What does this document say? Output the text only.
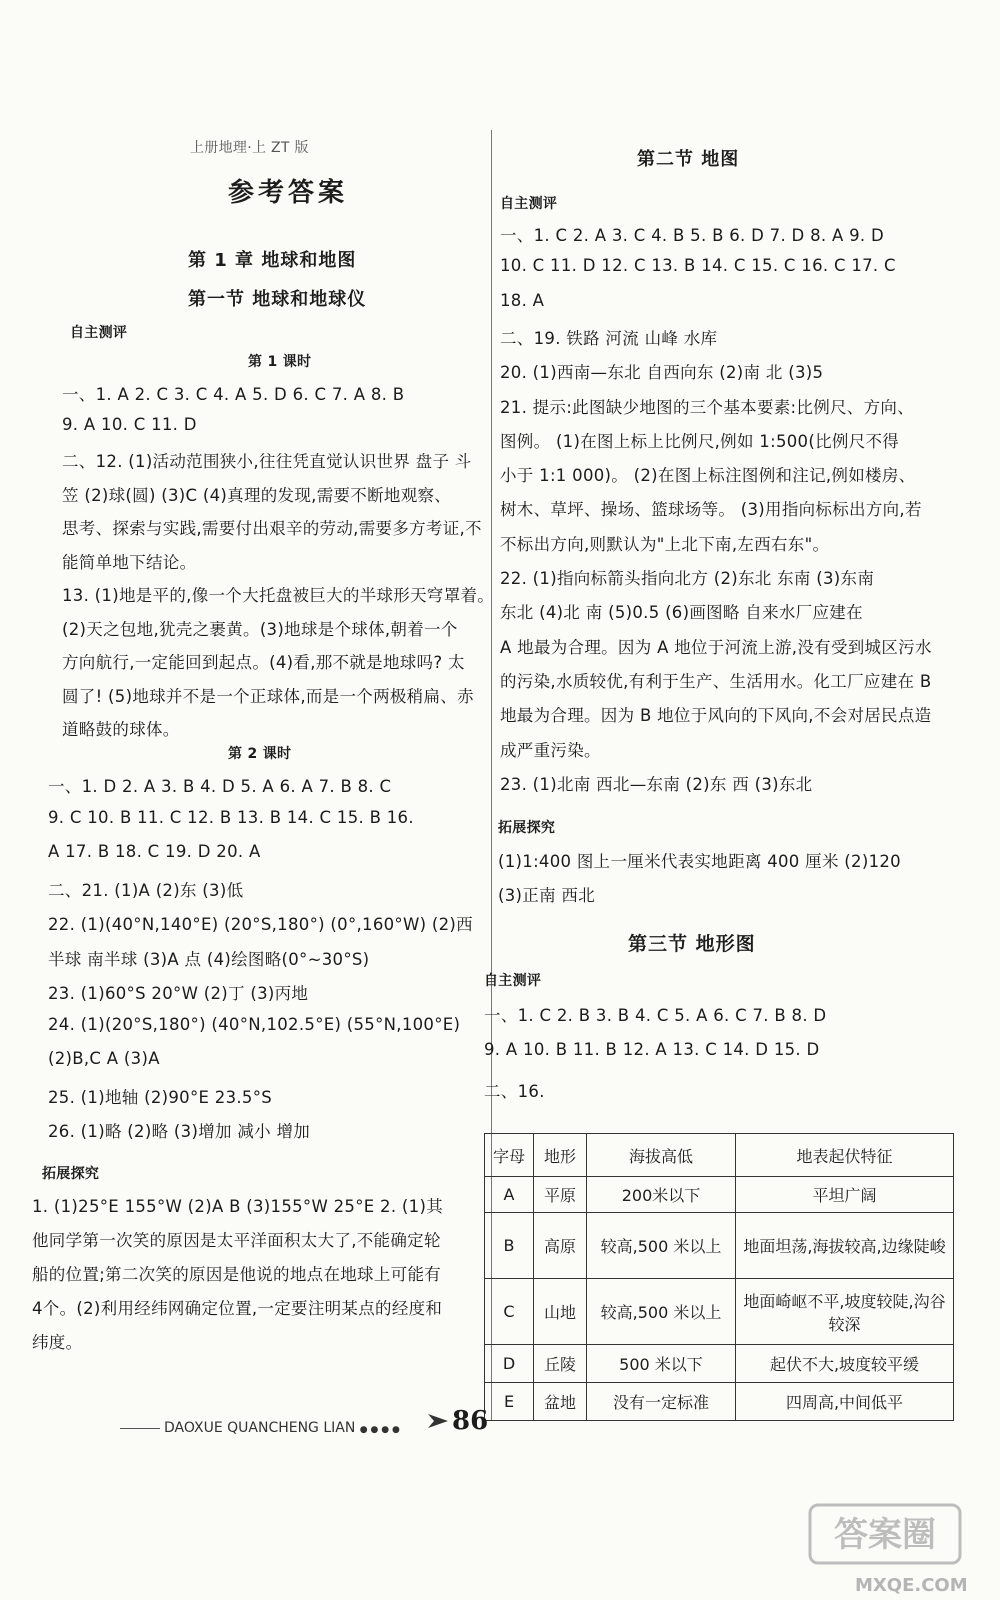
上册地理·上 ZT 版
参考答案
第 1 章 地球和地图
第一节 地球和地球仪
自主测评
第 1 课时
一、1. A 2. C 3. C 4. A 5. D 6. C 7. A 8. B
9. A 10. C 11. D
二、12. (1)活动范围狭小,往往凭直觉认识世界 盘子 斗
笠 (2)球(圆) (3)C (4)真理的发现,需要不断地观察、
思考、探索与实践,需要付出艰辛的劳动,需要多方考证,不
能简单地下结论。
13. (1)地是平的,像一个大托盘被巨大的半球形天穹罩着。
(2)天之包地,犹壳之裹黄。(3)地球是个球体,朝着一个
方向航行,一定能回到起点。(4)看,那不就是地球吗? 太
圆了! (5)地球并不是一个正球体,而是一个两极稍扁、赤
道略鼓的球体。
第 2 课时
一、1. D 2. A 3. B 4. D 5. A 6. A 7. B 8. C
9. C 10. B 11. C 12. B 13. B 14. C 15. B 16.
A 17. B 18. C 19. D 20. A
二、21. (1)A (2)东 (3)低
22. (1)(40°N,140°E) (20°S,180°) (0°,160°W) (2)西
半球 南半球 (3)A 点 (4)绘图略(0°~30°S)
23. (1)60°S 20°W (2)丁 (3)丙地
24. (1)(20°S,180°) (40°N,102.5°E) (55°N,100°E)
(2)B,C A (3)A
25. (1)地轴 (2)90°E 23.5°S
26. (1)略 (2)略 (3)增加 减小 增加
拓展探究
1. (1)25°E 155°W (2)A B (3)155°W 25°E 2. (1)其
他同学第一次笑的原因是太平洋面积太大了,不能确定轮
船的位置;第二次笑的原因是他说的地点在地球上可能有
4个。(2)利用经纬网确定位置,一定要注明某点的经度和
纬度。
第二节 地图
自主测评
一、1. C 2. A 3. C 4. B 5. B 6. D 7. D 8. A 9. D
10. C 11. D 12. C 13. B 14. C 15. C 16. C 17. C
18. A
二、19. 铁路 河流 山峰 水库
20. (1)西南—东北 自西向东 (2)南 北 (3)5
21. 提示:此图缺少地图的三个基本要素:比例尺、方向、
图例。 (1)在图上标上比例尺,例如 1:500(比例尺不得
小于 1:1 000)。 (2)在图上标注图例和注记,例如楼房、
树木、草坪、操场、篮球场等。 (3)用指向标标出方向,若
不标出方向,则默认为"上北下南,左西右东"。
22. (1)指向标箭头指向北方 (2)东北 东南 (3)东南
东北 (4)北 南 (5)0.5 (6)画图略 自来水厂应建在
A 地最为合理。因为 A 地位于河流上游,没有受到城区污水
的污染,水质较优,有利于生产、生活用水。化工厂应建在 B
地最为合理。因为 B 地位于风向的下风向,不会对居民点造
成严重污染。
23. (1)北南 西北—东南 (2)东 西 (3)东北
拓展探究
(1)1:400 图上一厘米代表实地距离 400 厘米 (2)120
(3)正南 西北
第三节 地形图
自主测评
一、1. C 2. B 3. B 4. C 5. A 6. C 7. B 8. D
9. A 10. B 11. B 12. A 13. C 14. D 15. D
二、16.
字母	地形	海拔高低	地表起伏特征
A	平原	200米以下	平坦广阔
B	高原	较高,500 米以上	地面坦荡,海拔较高,边缘陡峻
C	山地	较高,500 米以上	地面崎岖不平,坡度较陡,沟谷较深
D	丘陵	500 米以下	起伏不大,坡度较平缓
E	盆地	没有一定标准	四周高,中间低平
DAOXUE QUANCHENG LIAN ● ● ● ● 86
答案圈
MXQE.COM
